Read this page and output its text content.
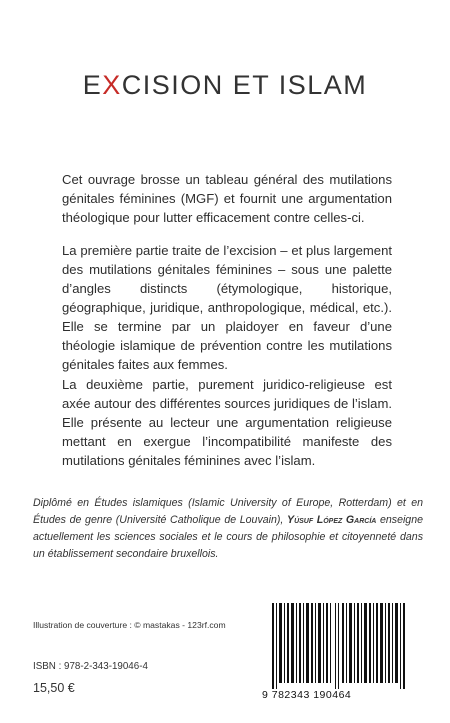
EXCISION ET ISLAM

Cet ouvrage brosse un tableau général des mutilations génitales féminines (MGF) et fournit une argumentation théologique pour lutter efficacement contre celles-ci.

La première partie traite de l’excision – et plus largement des mutilations génitales féminines – sous une palette d’angles distincts (étymologique, historique, géographique, juridique, anthropologique, médical, etc.). Elle se termine par un plaidoyer en faveur d’une théologie islamique de prévention contre les mutilations génitales faites aux femmes.

La deuxième partie, purement juridico-religieuse est axée autour des différentes sources juridiques de l’islam. Elle présente au lecteur une argumentation religieuse mettant en exergue l’incompatibilité manifeste des mutilations génitales féminines avec l’islam.

Diplômé en Études islamiques (Islamic University of Europe, Rotterdam) et en Études de genre (Université Catholique de Louvain), Yúsuf López García enseigne actuellement les sciences sociales et le cours de philosophie et citoyenneté dans un établissement secondaire bruxellois.

Illustration de couverture : © mastakas - 123rf.com
ISBN : 978-2-343-19046-4
15,50 €	9 782343 190464
